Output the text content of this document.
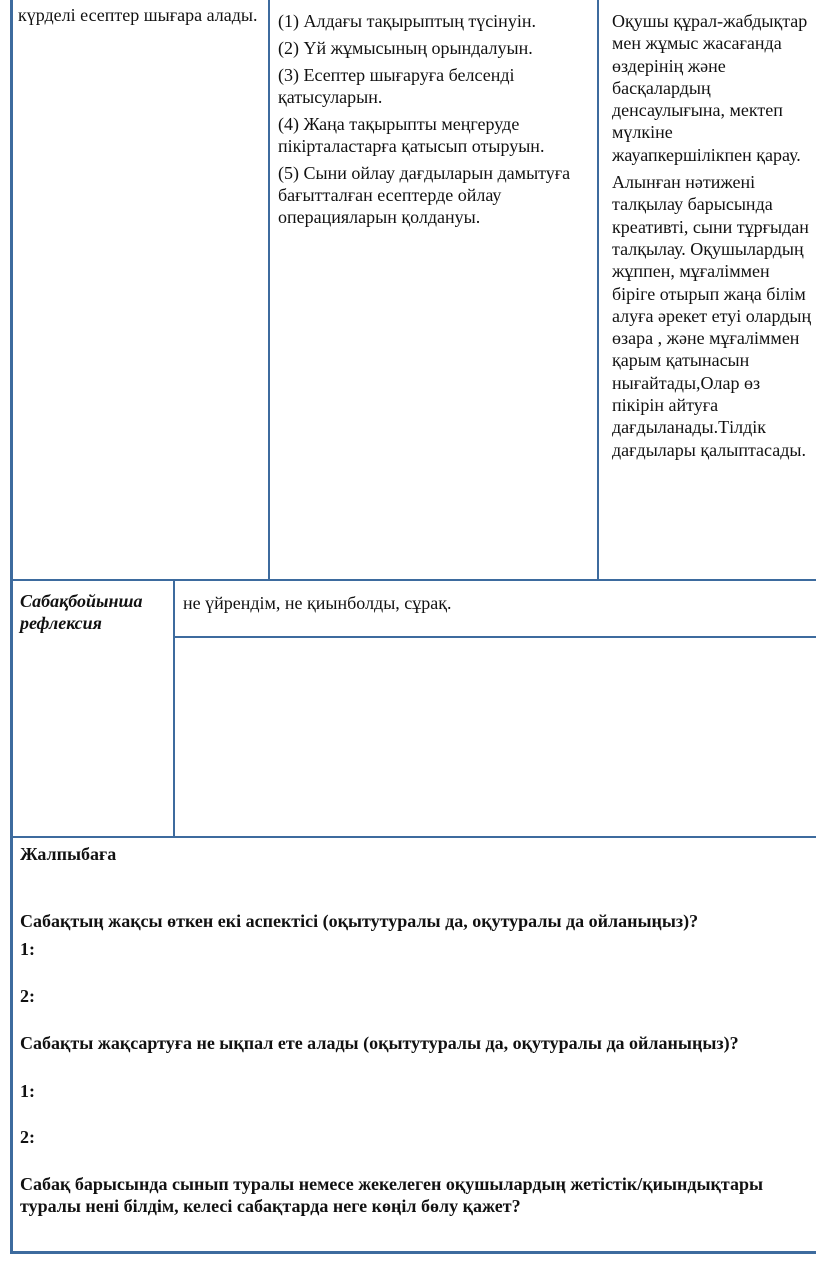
күрделі есептер шығара алады.	(1) Алдағы тақырыптың түсінуін.

(2) Үй жұмысының орындалуын.

(3) Есептер шығаруға белсенді қатысуларын.

(4) Жаңа тақырыпты меңгеруде пікірталастарға қатысып отыруын.

(5) Сыни ойлау дағдыларын дамытуға бағытталған есептерде ойлау операцияларын қолдануы.

Оқушы құрал-жабдықтар мен жұмыс жасағанда өздерінің және басқалардың денсаулығына, мектеп мүлкіне жауапкершілікпен қарау.

Алынған нәтижені талқылау барысында креативті, сыни тұрғыдан талқылау. Оқушылардың жұппен, мұғаліммен біріге отырып жаңа білім алуға әрекет етуі олардың өзара , және мұғаліммен қарым қатынасын нығайтады,Олар өз пікірін айтуға дағдыланады.Тілдік дағдылары қалыптасады.

Сабақбойынша рефлексия
не үйрендім, не қиынболды, сұрақ.
Жалпыбаға
Сабақтың жақсы өткен екі аспектісі (оқытутуралы да, оқутуралы да ойланыңыз)?
1:
2:
Сабақты жақсартуға не ықпал ете алады (оқытутуралы да, оқутуралы да ойланыңыз)?
1:
2:
Сабақ барысында сынып туралы немесе жекелеген оқушылардың жетістік/қиындықтары туралы нені білдім, келесі сабақтарда неге көңіл бөлу қажет?
